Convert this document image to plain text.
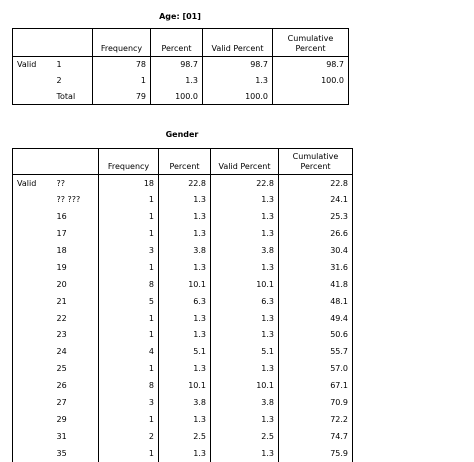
Age: [01]
		Frequency	Percent	Valid Percent	Cumulative Percent
Valid	1	78	98.7	98.7	98.7
	2	1	1.3	1.3	100.0
	Total	79	100.0	100.0	
Gender
		Frequency	Percent	Valid Percent	Cumulative Percent
Valid	??	18	22.8	22.8	22.8
	?? ???	1	1.3	1.3	24.1
	16	1	1.3	1.3	25.3
	17	1	1.3	1.3	26.6
	18	3	3.8	3.8	30.4
	19	1	1.3	1.3	31.6
	20	8	10.1	10.1	41.8
	21	5	6.3	6.3	48.1
	22	1	1.3	1.3	49.4
	23	1	1.3	1.3	50.6
	24	4	5.1	5.1	55.7
	25	1	1.3	1.3	57.0
	26	8	10.1	10.1	67.1
	27	3	3.8	3.8	70.9
	29	1	1.3	1.3	72.2
	31	2	2.5	2.5	74.7
	35	1	1.3	1.3	75.9
